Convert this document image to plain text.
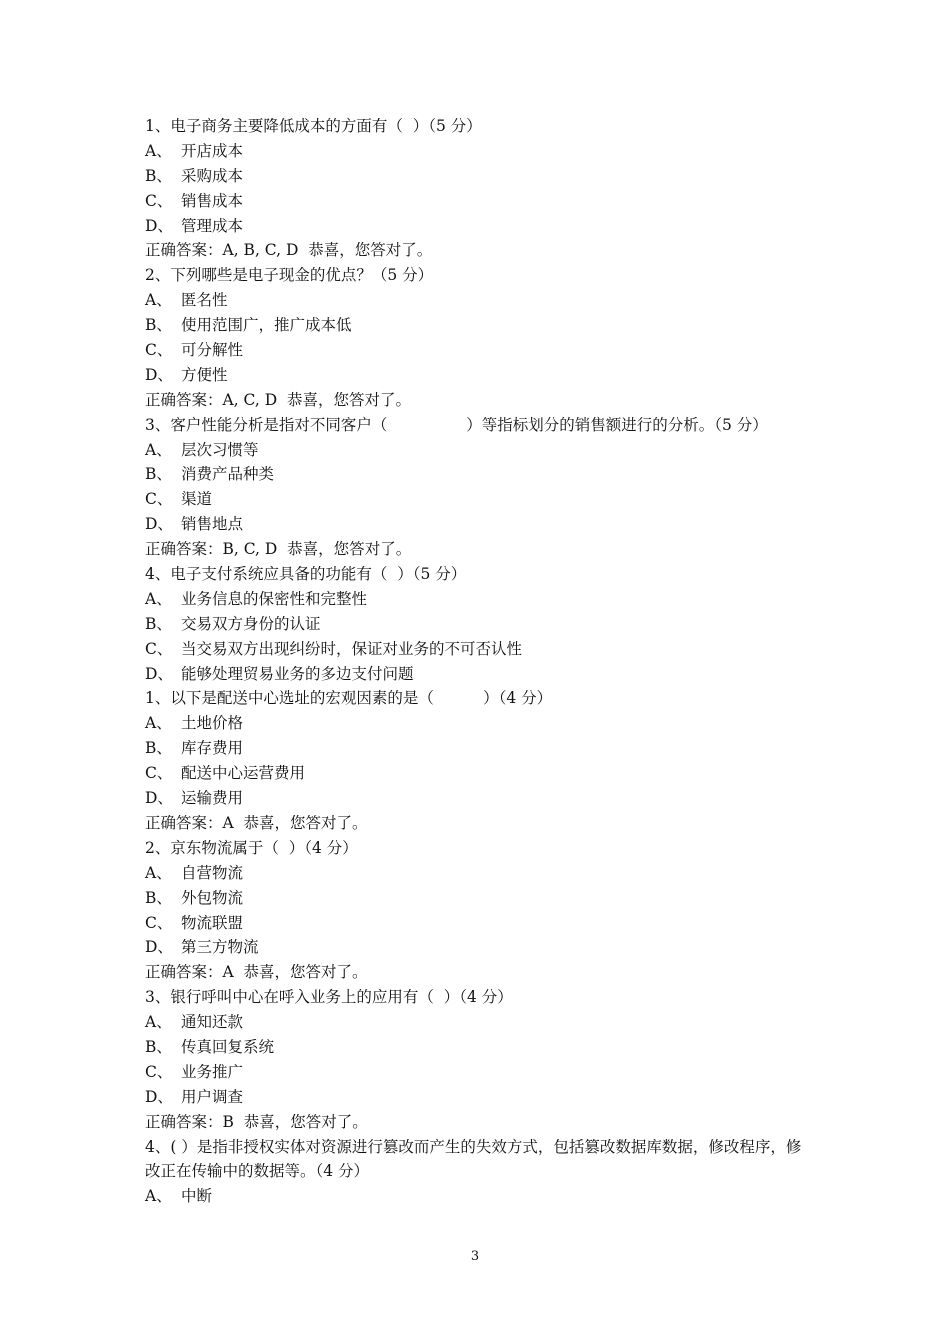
1、电子商务主要降低成本的方面有（  ）（5 分）
A、 开店成本
B、 采购成本
C、 销售成本
D、 管理成本
正确答案：A, B, C, D  恭喜，您答对了。
2、下列哪些是电子现金的优点？（5 分）
A、 匿名性
B、 使用范围广，推广成本低
C、 可分解性
D、 方便性
正确答案：A, C, D  恭喜，您答对了。
3、客户性能分析是指对不同客户（                ）等指标划分的销售额进行的分析。（5 分）
A、 层次习惯等
B、 消费产品种类
C、 渠道
D、 销售地点
正确答案：B, C, D  恭喜，您答对了。
4、电子支付系统应具备的功能有（  ）（5 分）
A、 业务信息的保密性和完整性
B、 交易双方身份的认证
C、 当交易双方出现纠纷时，保证对业务的不可否认性
D、 能够处理贸易业务的多边支付问题
1、以下是配送中心选址的宏观因素的是（          ）（4 分）
A、 土地价格
B、 库存费用
C、 配送中心运营费用
D、 运输费用
正确答案：A  恭喜，您答对了。
2、京东物流属于（  ）（4 分）
A、 自营物流
B、 外包物流
C、 物流联盟
D、 第三方物流
正确答案：A  恭喜，您答对了。
3、银行呼叫中心在呼入业务上的应用有（  ）（4 分）
A、 通知还款
B、 传真回复系统
C、 业务推广
D、 用户调查
正确答案：B  恭喜，您答对了。
4、( ）是指非授权实体对资源进行篡改而产生的失效方式，包括篡改数据库数据，修改程序，修改正在传输中的数据等。（4 分）
A、 中断
3
